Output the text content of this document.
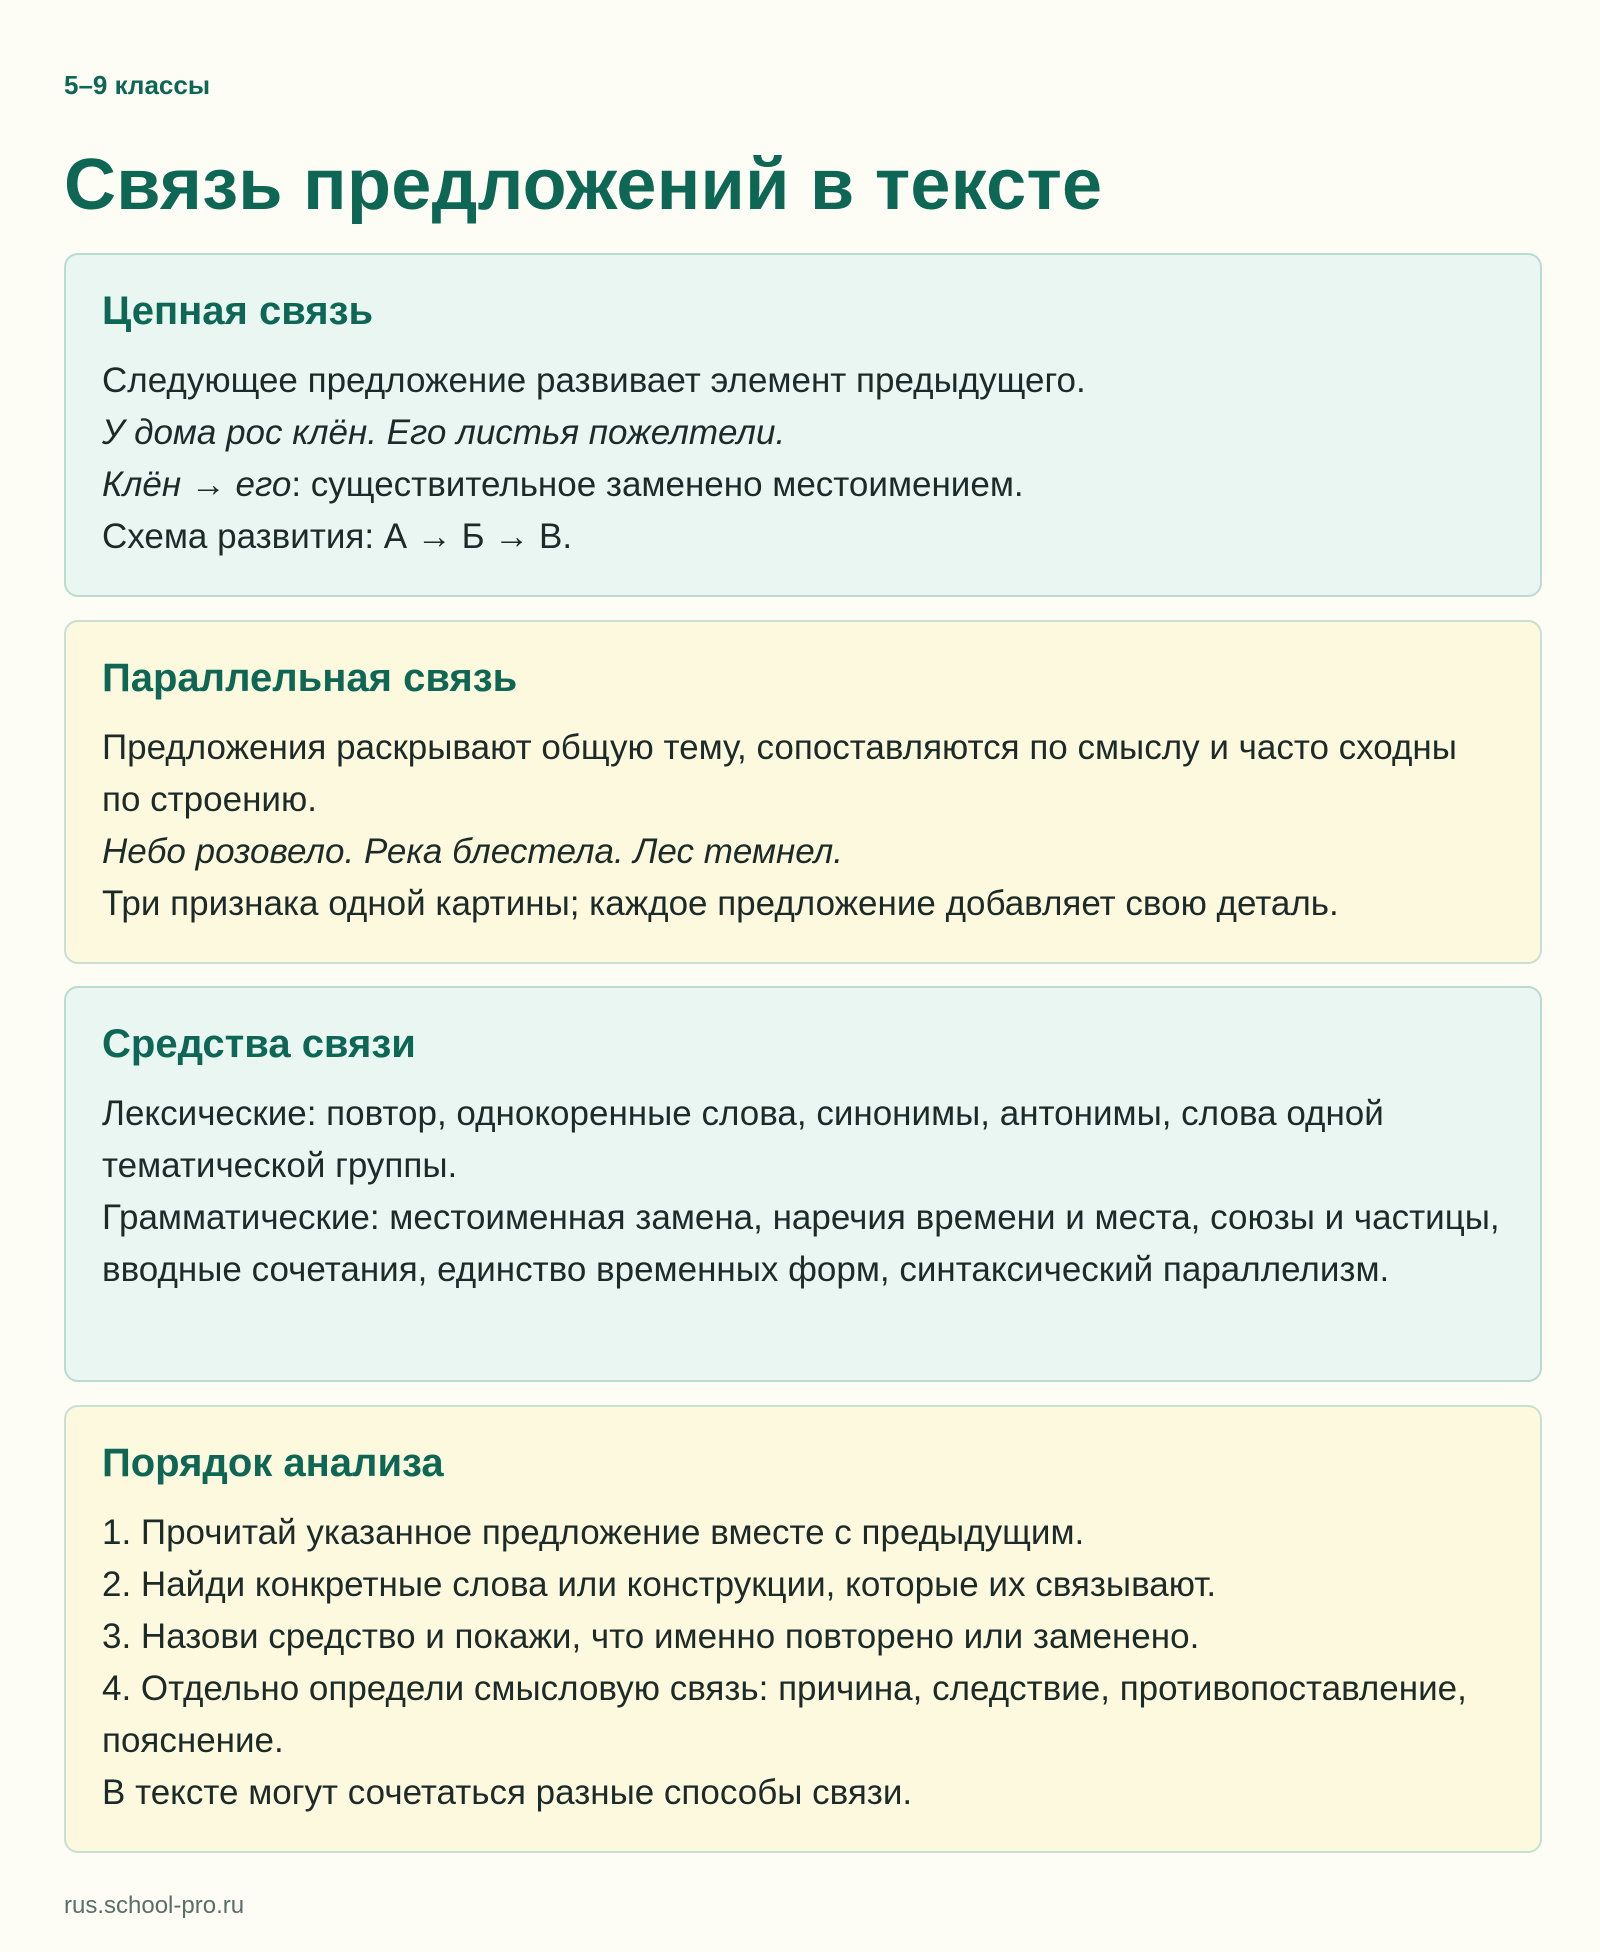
5–9 классы
Связь предложений в тексте
Цепная связь

Следующее предложение развивает элемент предыдущего.

У дома рос клён. Его листья пожелтели.

Клён → его: существительное заменено местоимением.

Схема развития: А → Б → В.

Параллельная связь

Предложения раскрывают общую тему, сопоставляются по смыслу и часто сходны по строению.

Небо розовело. Река блестела. Лес темнел.

Три признака одной картины; каждое предложение добавляет свою деталь.

Средства связи

Лексические: повтор, однокоренные слова, синонимы, антонимы, слова одной тематической группы.

Грамматические: местоименная замена, наречия времени и места, союзы и частицы, вводные сочетания, единство временных форм, синтаксический параллелизм.

Порядок анализа

1. Прочитай указанное предложение вместе с предыдущим.

2. Найди конкретные слова или конструкции, которые их связывают.

3. Назови средство и покажи, что именно повторено или заменено.

4. Отдельно определи смысловую связь: причина, следствие, противопоставление, пояснение.

В тексте могут сочетаться разные способы связи.

rus.school-pro.ru
